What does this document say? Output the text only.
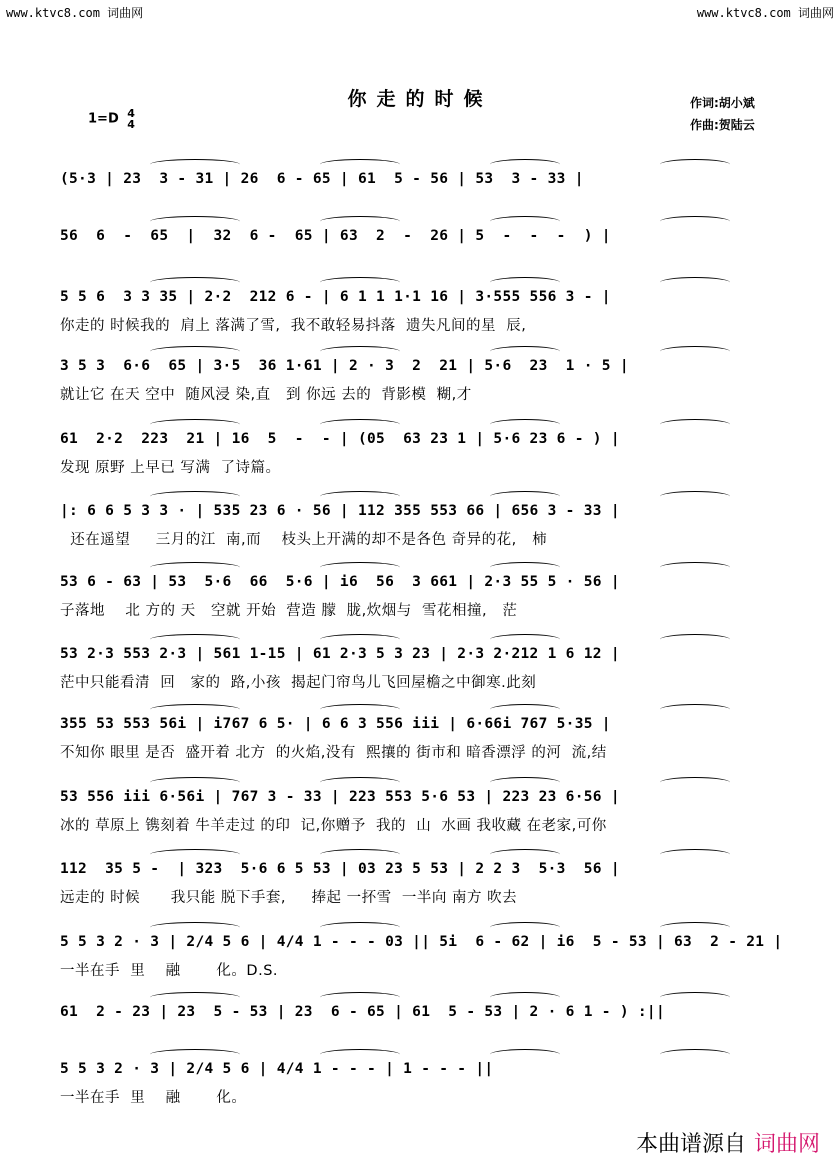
www.ktvc8.com 词曲网	www.ktvc8.com 词曲网
你走的时候
1=D 4
4
作词:胡小斌
作曲:贺陆云
(5·3 | 23  3 - 31 | 26  6 - 65 | 61  5 - 56 | 53  3 - 33 |
56  6  -  65  |  32  6 -  65 | 63  2  -  26 | 5  -  -  -  ) |
5 5 6  3 3 35 | 2·2  212 6 - | 6 1 1 1·1 16 | 3·555 556 3 - |
你走的 时候我的  肩上 落满了雪,  我不敢轻易抖落  遗失凡间的星  辰,
3 5 3  6·6  65 | 3·5  36 1·61 | 2 · 3  2  21 | 5·6  23  1 · 5 |
就让它 在天 空中  随风浸 染,直   到 你远 去的  背影模  糊,才
61  2·2  223  21 | 16  5  -  - | (05  63 23 1 | 5·6 23 6 - ) |
发现 原野 上早已 写满  了诗篇。
|: 6 6 5 3 3 · | 535 23 6 · 56 | 112 355 553 66 | 656 3 - 33 |
还在遥望     三月的江  南,而    枝头上开满的却不是各色 奇异的花,   柿
53 6 - 63 | 53  5·6  66  5·6 | i6  56  3 661 | 2·3 55 5 · 56 |
子落地    北 方的 天   空就 开始  营造 朦  胧,炊烟与  雪花相撞,   茫
53 2·3 553 2·3 | 561 1-15 | 61 2·3 5 3 23 | 2·3 2·212 1 6 12 |
茫中只能看清  回   家的  路,小孩  揭起门帘鸟儿飞回屋檐之中御寒.此刻
355 53 553 56i | i767 6 5· | 6 6 3 556 iii | 6·66i 767 5·35 |
不知你 眼里 是否  盛开着 北方  的火焰,没有  熙攘的 街市和 暗香漂浮 的河  流,结
53 556 iii 6·56i | 767 3 - 33 | 223 553 5·6 53 | 223 23 6·56 |
冰的 草原上 镌刻着 牛羊走过 的印  记,你赠予  我的  山  水画 我收藏 在老家,可你
112  35 5 -  | 323  5·6 6 5 53 | 03 23 5 53 | 2 2 3  5·3  56 |
远走的 时候      我只能 脱下手套,     捧起 一抔雪  一半向 南方 吹去
5 5 3 2 · 3 | 2/4 5 6 | 4/4 1 - - - 03 || 5i  6 - 62 | i6  5 - 53 | 63  2 - 21 |
一半在手  里    融       化。D.S.
61  2 - 23 | 23  5 - 53 | 23  6 - 65 | 61  5 - 53 | 2 · 6 1 - ) :||
5 5 3 2 · 3 | 2/4 5 6 | 4/4 1 - - - | 1 - - - ||
一半在手  里    融       化。
本曲谱源自 词曲网
